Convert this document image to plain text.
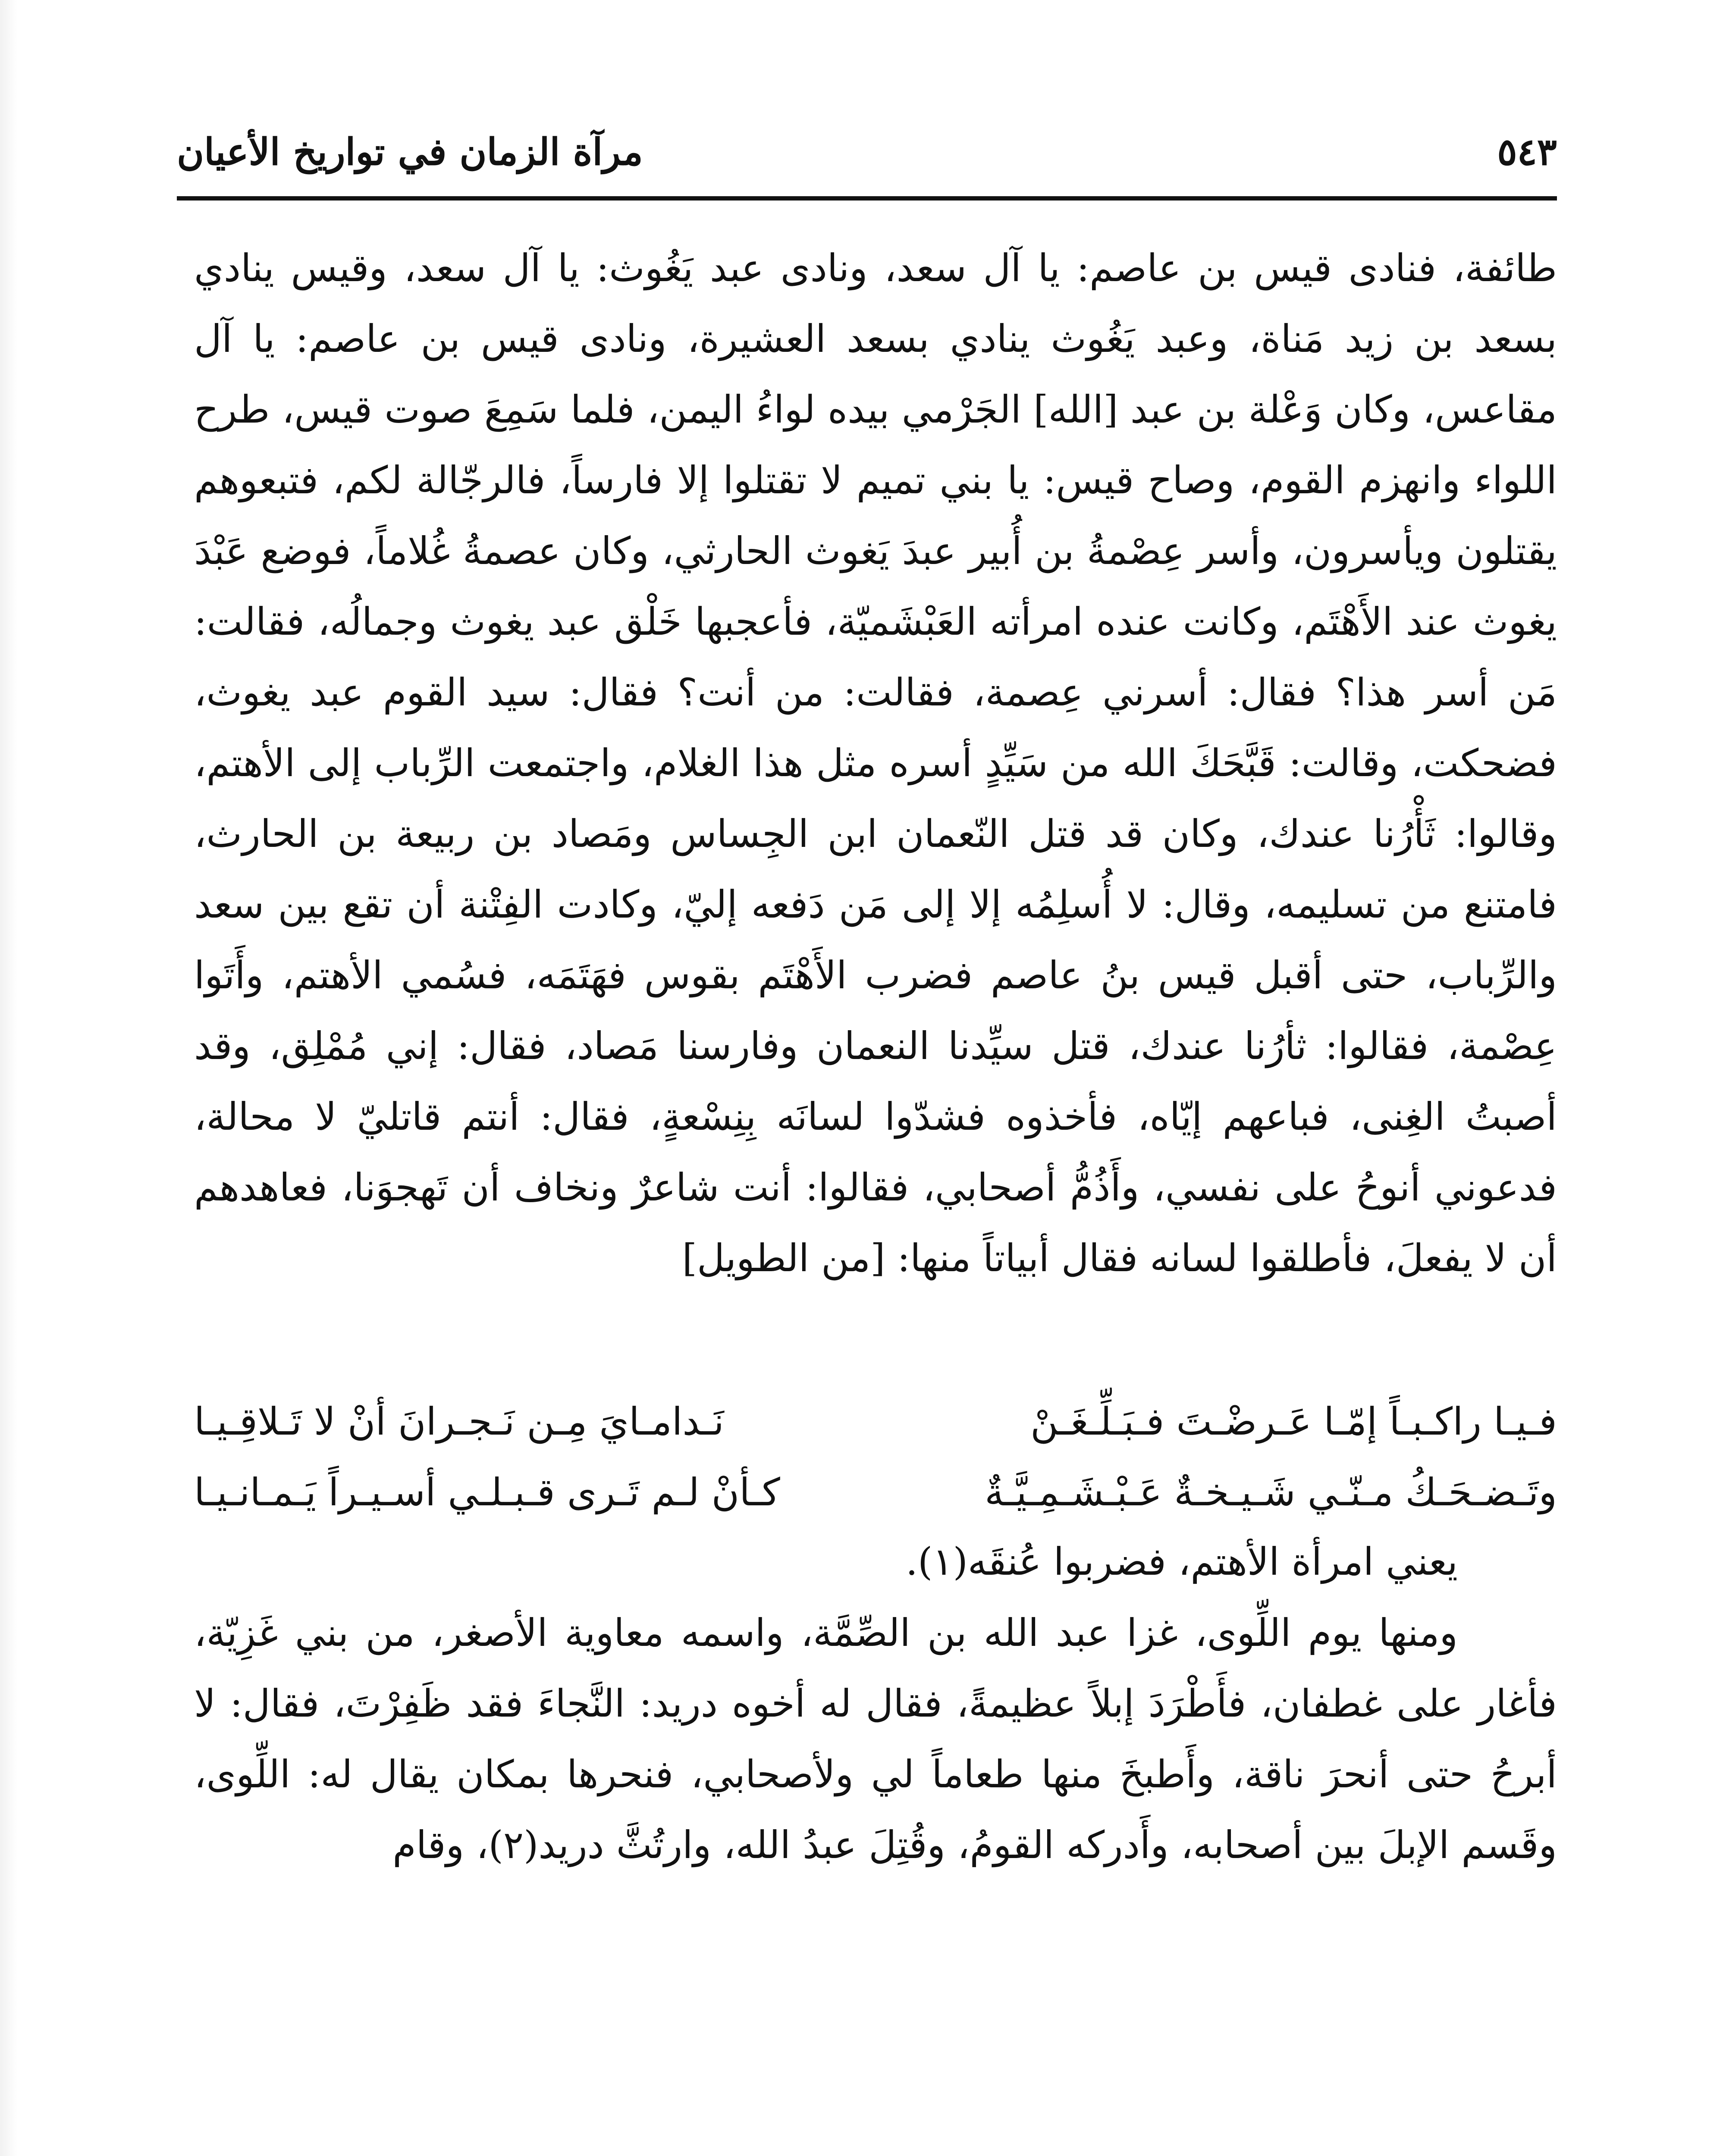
٥٤٣
مرآة الزمان في تواريخ الأعيان

طائفة، فنادى قيس بن عاصم: يا آل سعد، ونادى عبد يَغُوث: يا آل سعد، وقيس ينادي بسعد بن زيد مَناة، وعبد يَغُوث ينادي بسعد العشيرة، ونادى قيس بن عاصم: يا آل مقاعس، وكان وَعْلة بن عبد [الله] الجَرْمي بيده لواءُ اليمن، فلما سَمِعَ صوت قيس، طرح اللواء وانهزم القوم، وصاح قيس: يا بني تميم لا تقتلوا إلا فارساً، فالرجّالة لكم، فتبعوهم يقتلون ويأسرون، وأسر عِصْمةُ بن أُبير عبدَ يَغوث الحارثي، وكان عصمةُ غُلاماً، فوضع عَبْدَ يغوث عند الأَهْتَم، وكانت عنده امرأته العَبْشَميّة، فأعجبها خَلْق عبد يغوث وجمالُه، فقالت: مَن أسر هذا؟ فقال: أسرني عِصمة، فقالت: من أنت؟ فقال: سيد القوم عبد يغوث، فضحكت، وقالت: قَبَّحَكَ الله من سَيِّدٍ أسره مثل هذا الغلام، واجتمعت الرِّباب إلى الأهتم، وقالوا: ثَأْرُنا عندك، وكان قد قتل النّعمان ابن الجِساس ومَصاد بن ربيعة بن الحارث، فامتنع من تسليمه، وقال: لا أُسلِمُه إلا إلى مَن دَفعه إليّ، وكادت الفِتْنة أن تقع بين سعد والرِّباب، حتى أقبل قيس بنُ عاصم فضرب الأَهْتَم بقوس فهَتَمَه، فسُمي الأهتم، وأَتَوا عِصْمة، فقالوا: ثأرُنا عندك، قتل سيِّدنا النعمان وفارسنا مَصاد، فقال: إني مُمْلِق، وقد أصبتُ الغِنى، فباعهم إيّاه، فأخذوه فشدّوا لسانَه بِنِسْعةٍ، فقال: أنتم قاتليّ لا محالة، فدعوني أنوحُ على نفسي، وأَذُمُّ أصحابي، فقالوا: أنت شاعرٌ ونخاف أن تَهجوَنا، فعاهدهم أن لا يفعلَ، فأطلقوا لسانه فقال أبياتاً منها: [من الطويل]

فـيـا راكـبـاً إمّـا عَـرضْـتَ فـبَـلِّـغَـنْ
نَـدامـايَ مِـن نَـجـرانَ أنْ لا تَـلاقِـيـا
وتَـضـحَـكُ مـنّـي شَـيـخـةٌ عَـبْـشَـمِـيَّـةٌ
كـأنْ لـم تَـرى قـبـلـي أسـيـراً يَـمـانـيـا
يعني امرأة الأهتم، فضربوا عُنقَه(١).
ومنها يوم اللِّوى، غزا عبد الله بن الصِّمَّة، واسمه معاوية الأصغر، من بني غَزِيّة، فأغار على غطفان، فأَطْرَدَ إبلاً عظيمةً، فقال له أخوه دريد: النَّجاءَ فقد ظَفِرْتَ، فقال: لا أبرحُ حتى أنحرَ ناقة، وأَطبخَ منها طعاماً لي ولأصحابي، فنحرها بمكان يقال له: اللِّوى، وقَسم الإبلَ بين أصحابه، وأَدركه القومُ، وقُتِلَ عبدُ الله، وارتُثَّ دريد(٢)، وقام
